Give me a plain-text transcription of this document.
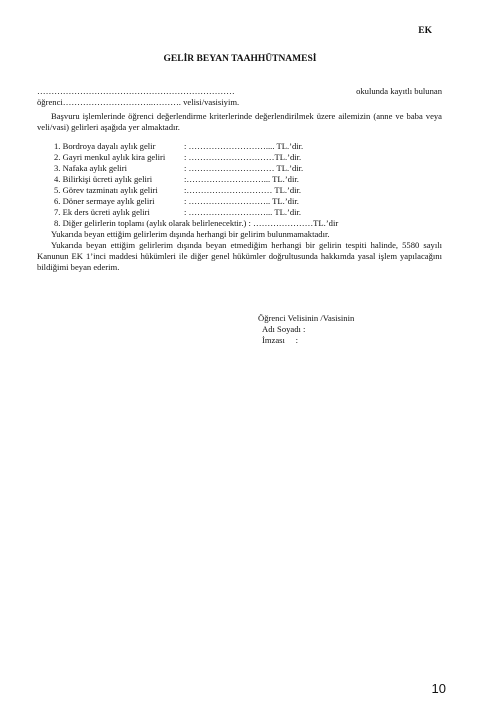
EK
GELİR BEYAN TAAHHÜTNAMESİ
……………………………………………………………	okulunda kayıtlı bulunan
öğrenci…………………………..………. velisi/vasisiyim.
Başvuru işlemlerinde öğrenci değerlendirme kriterlerinde değerlendirilmek üzere ailemizin (anne ve baba veya veli/vasi) gelirleri aşağıda yer almaktadır.
1. Bordroya dayalı aylık gelir	: ……………………….... TL.’dir.
2. Gayri menkul aylık kira geliri : …………………………TL.’dir.
3. Nafaka aylık geliri	: ………………………… TL.’dir.
4. Bilirkişi ücreti aylık geliri	:………………………... TL.’dir.
5. Görev tazminatı aylık geliri	:………………………… TL.’dir.
6. Döner sermaye aylık geliri	: ……………………….. TL.’dir.
7. Ek ders ücreti aylık geliri	: ………………………... TL.’dir.
8. Diğer gelirlerin toplamı (aylık olarak belirlenecektir.) : …………………TL.’dir
Yukarıda beyan ettiğim gelirlerim dışında herhangi bir gelirim bulunmamaktadır.
Yukarıda beyan ettiğim gelirlerim dışında beyan etmediğim herhangi bir gelirin tespiti halinde, 5580 sayılı Kanunun EK 1’inci maddesi hükümleri ile diğer genel hükümler doğrultusunda hakkımda yasal işlem yapılacağını bildiğimi beyan ederim.
Öğrenci Velisinin /Vasisinin
Adı Soyadı :
İmzası     :
10
